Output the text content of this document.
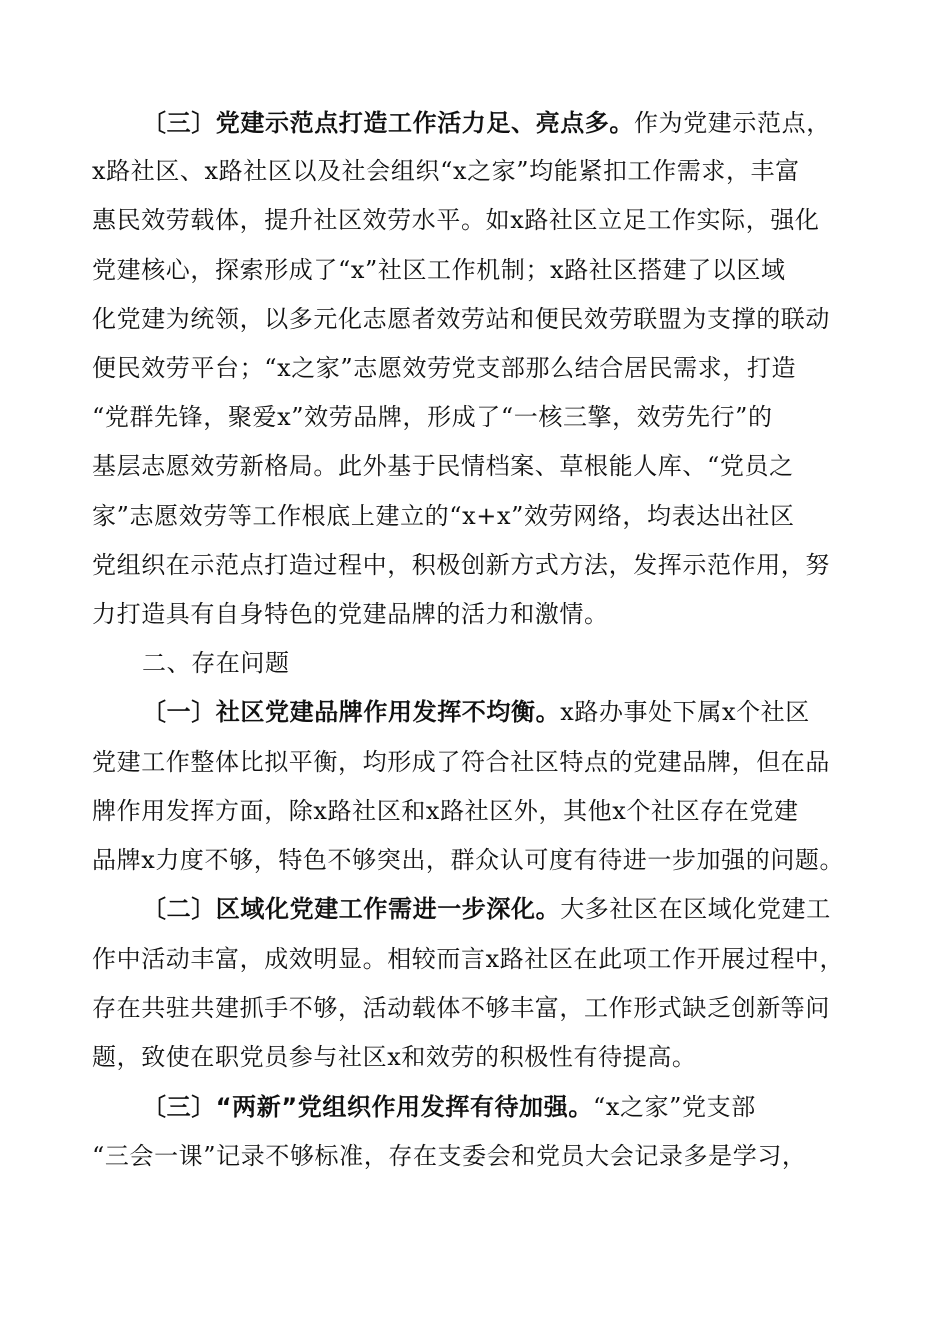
〔三〕党建示范点打造工作活力足、亮点多。作为党建示范点，
x路社区、x路社区以及社会组织“x之家”均能紧扣工作需求，丰富
惠民效劳载体，提升社区效劳水平。如x路社区立足工作实际，强化
党建核心，探索形成了“x”社区工作机制；x路社区搭建了以区域
化党建为统领，以多元化志愿者效劳站和便民效劳联盟为支撑的联动
便民效劳平台；“x之家”志愿效劳党支部那么结合居民需求，打造
“党群先锋，聚爱x”效劳品牌，形成了“一核三擎，效劳先行”的
基层志愿效劳新格局。此外基于民情档案、草根能人库、“党员之
家”志愿效劳等工作根底上建立的“x+x”效劳网络，均表达出社区
党组织在示范点打造过程中，积极创新方式方法，发挥示范作用，努
力打造具有自身特色的党建品牌的活力和激情。
二、存在问题
〔一〕社区党建品牌作用发挥不均衡。x路办事处下属x个社区
党建工作整体比拟平衡，均形成了符合社区特点的党建品牌，但在品
牌作用发挥方面，除x路社区和x路社区外，其他x个社区存在党建
品牌x力度不够，特色不够突出，群众认可度有待进一步加强的问题。
〔二〕区域化党建工作需进一步深化。大多社区在区域化党建工
作中活动丰富，成效明显。相较而言x路社区在此项工作开展过程中，
存在共驻共建抓手不够，活动载体不够丰富，工作形式缺乏创新等问
题，致使在职党员参与社区x和效劳的积极性有待提高。
〔三〕“两新”党组织作用发挥有待加强。“x之家”党支部
“三会一课”记录不够标准，存在支委会和党员大会记录多是学习，
